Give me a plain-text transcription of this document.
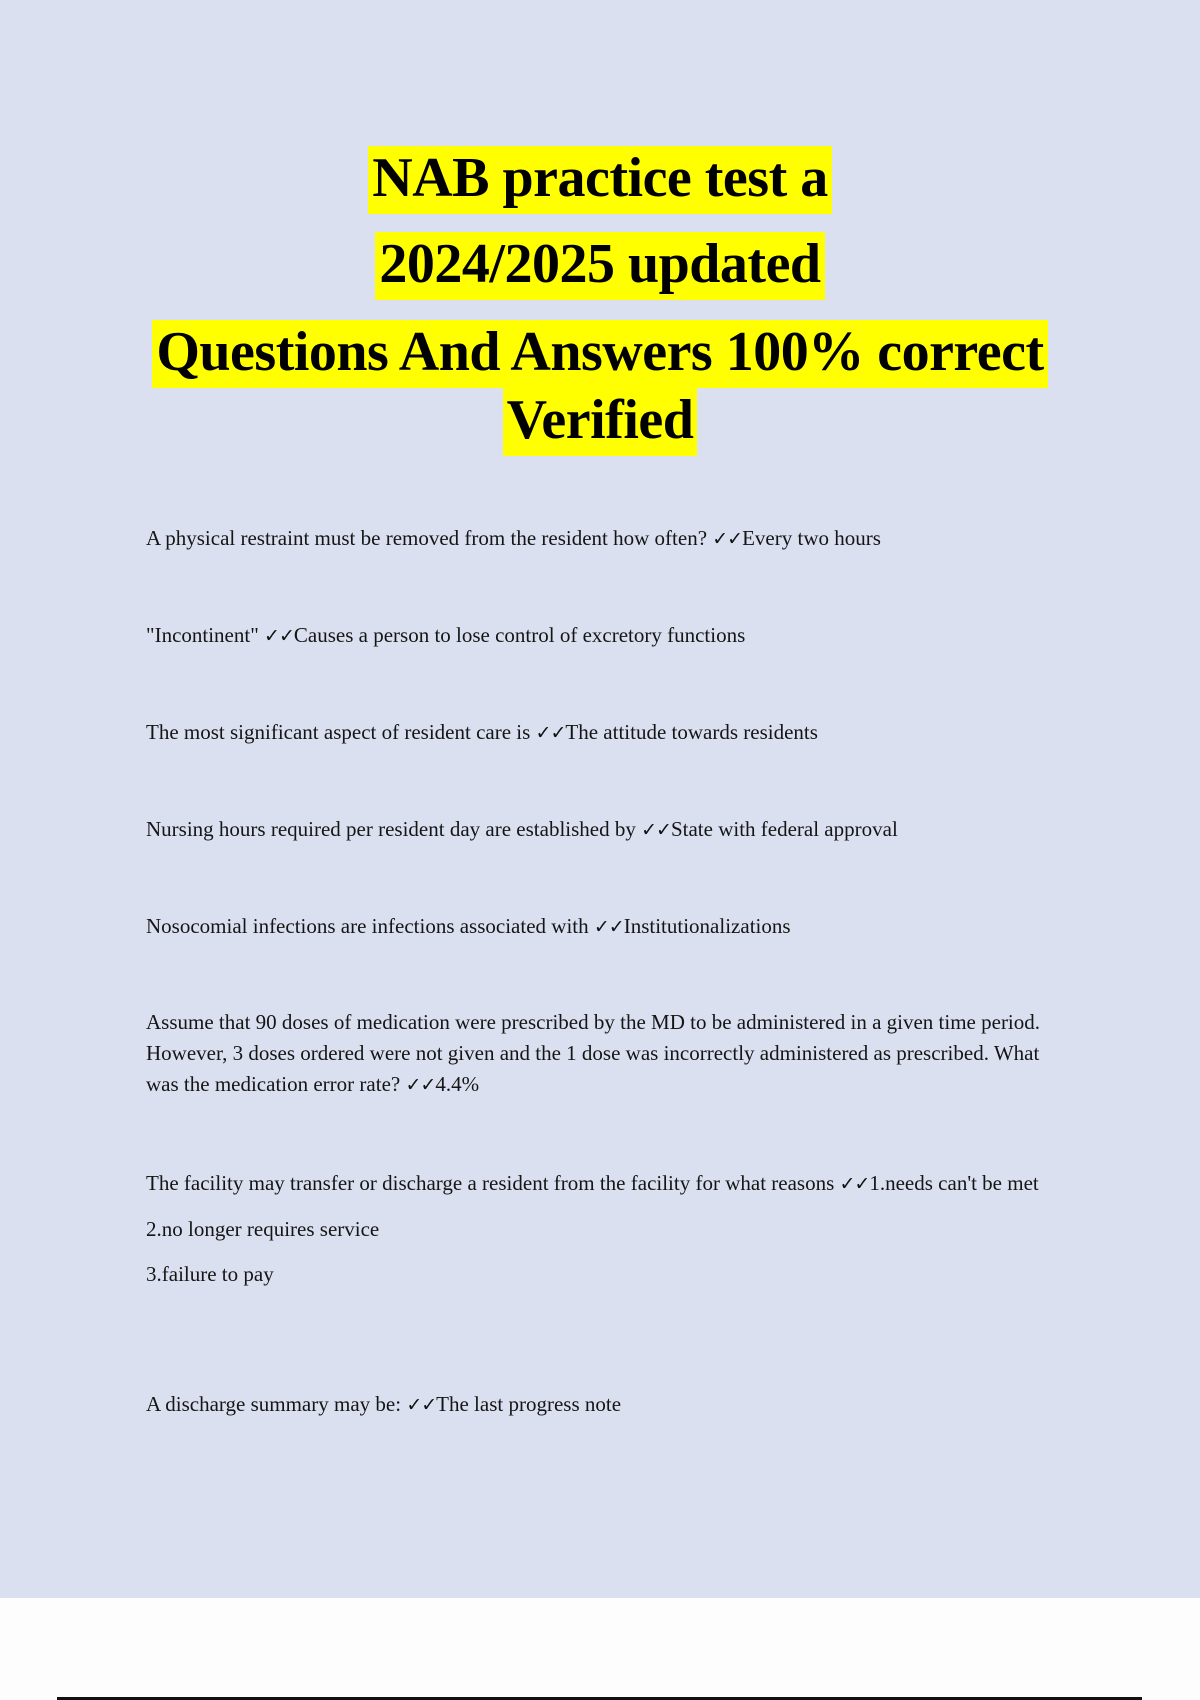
NAB practice test a
2024/2025 updated
Questions And Answers 100% correct
Verified
A physical restraint must be removed from the resident how often? ✓✓Every two hours
"Incontinent" ✓✓Causes a person to lose control of excretory functions
The most significant aspect of resident care is ✓✓The attitude towards residents
Nursing hours required per resident day are established by ✓✓State with federal approval
Nosocomial infections are infections associated with ✓✓Institutionalizations
Assume that 90 doses of medication were prescribed by the MD to be administered in a given time period. However, 3 doses ordered were not given and the 1 dose was incorrectly administered as prescribed. What was the medication error rate? ✓✓4.4%
The facility may transfer or discharge a resident from the facility for what reasons ✓✓1.needs can't be met
2.no longer requires service
3.failure to pay
A discharge summary may be: ✓✓The last progress note
